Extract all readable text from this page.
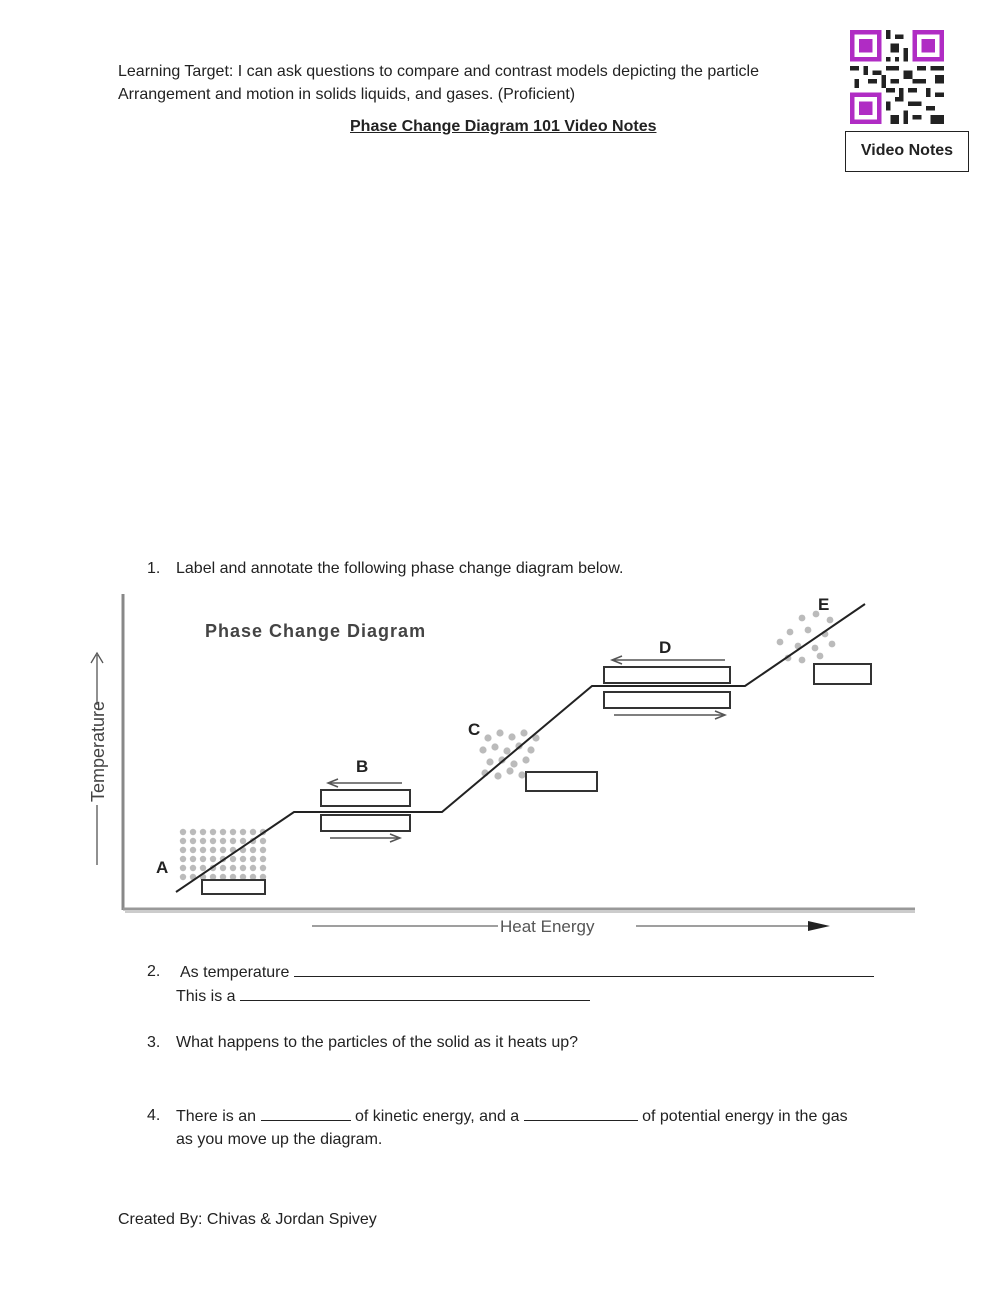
Learning Target: I can ask questions to compare and contrast models depicting the particle
Arrangement and motion in solids liquids, and gases. (Proficient)
Phase Change Diagram 101 Video Notes
Video Notes
1. Label and annotate the following phase change diagram below.
Phase Change Diagram
Temperature
Heat Energy
A
B
C
D
E
2. As temperature
This is a
3. What happens to the particles of the solid as it heats up?
4. There is an	of kinetic energy, and a	of potential energy in the gas
as you move up the diagram.
Created By: Chivas & Jordan Spivey
